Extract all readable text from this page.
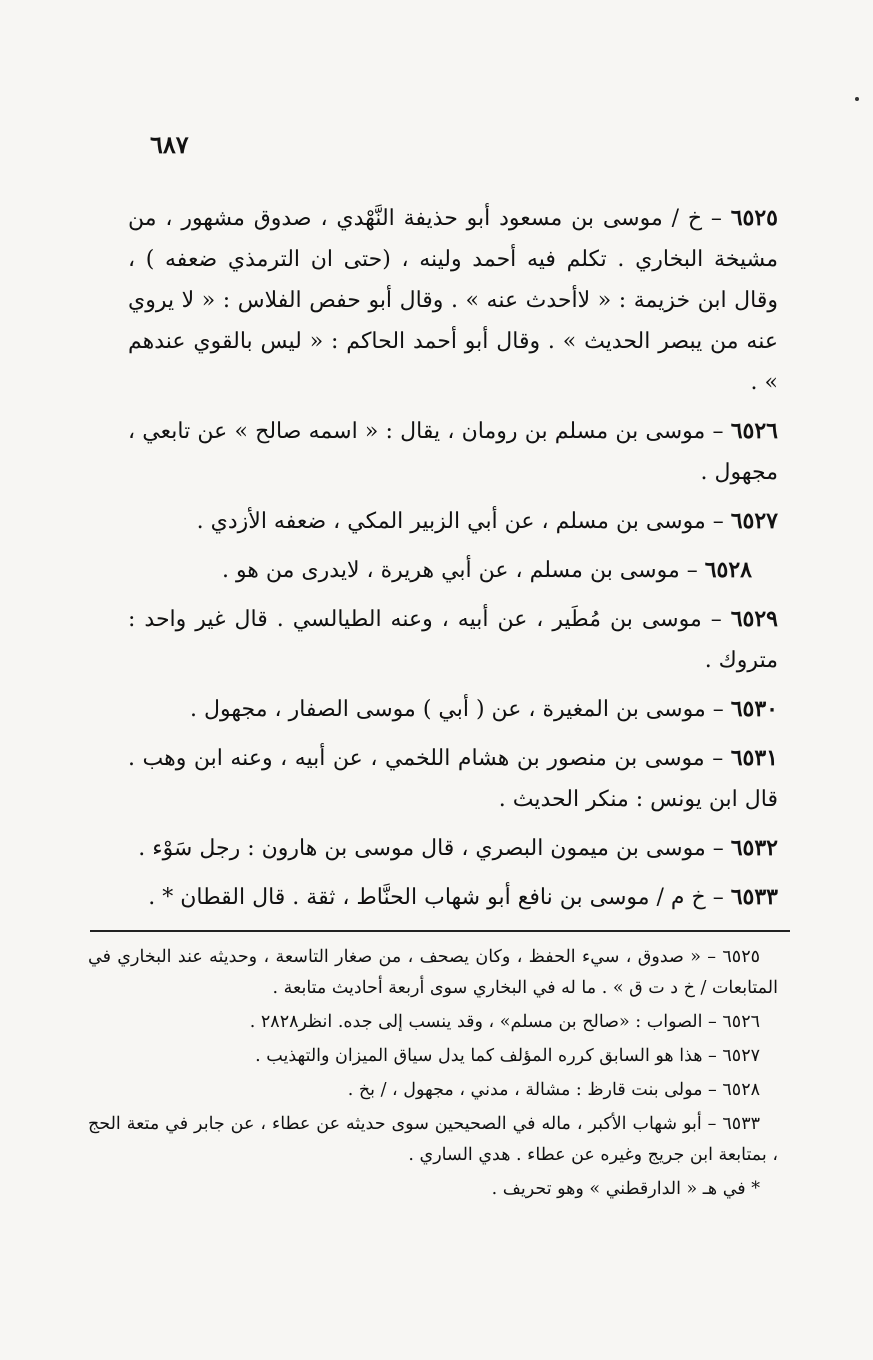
٦٨٧

٦٥٢٥ – خ / موسى بن مسعود أبو حذيفة النَّهْدي ، صدوق مشهور ، من مشيخة البخاري . تكلم فيه أحمد ولينه ، (حتى ان الترمذي ضعفه ) ، وقال ابن خزيمة : « لاأحدث عنه » . وقال أبو حفص الفلاس : « لا يروي عنه من يبصر الحديث » . وقال أبو أحمد الحاكم : « ليس بالقوي عندهم » .

٦٥٢٦ – موسى بن مسلم بن رومان ، يقال : « اسمه صالح » عن تابعي ، مجهول .

٦٥٢٧ – موسى بن مسلم ، عن أبي الزبير المكي ، ضعفه الأزدي .

٦٥٢٨ – موسى بن مسلم ، عن أبي هريرة ، لايدرى من هو .

٦٥٢٩ – موسى بن مُطَير ، عن أبيه ، وعنه الطيالسي . قال غير واحد : متروك .

٦٥٣٠ – موسى بن المغيرة ، عن ( أبي ) موسى الصفار ، مجهول .

٦٥٣١ – موسى بن منصور بن هشام اللخمي ، عن أبيه ، وعنه ابن وهب . قال ابن يونس : منكر الحديث .

٦٥٣٢ – موسى بن ميمون البصري ، قال موسى بن هارون : رجل سَوْء .

٦٥٣٣ – خ م / موسى بن نافع أبو شهاب الحنَّاط ، ثقة . قال القطان * .

٦٥٢٥ – « صدوق ، سيء الحفظ ، وكان يصحف ، من صغار التاسعة ، وحديثه عند البخاري في المتابعات / خ د ت ق » . ما له في البخاري سوى أربعة أحاديث متابعة .

٦٥٢٦ – الصواب : «صالح بن مسلم» ، وقد ينسب إلى جده. انظر٢٨٢٨ .

٦٥٢٧ – هذا هو السابق كرره المؤلف كما يدل سياق الميزان والتهذيب .

٦٥٢٨ – مولى بنت قارظ : مشالة ، مدني ، مجهول ، / بخ .

٦٥٣٣ – أبو شهاب الأكبر ، ماله في الصحيحين سوى حديثه عن عطاء ، عن جابر في متعة الحج ، بمتابعة ابن جريج وغيره عن عطاء . هدي الساري .

* في هـ « الدارقطني » وهو تحريف .
